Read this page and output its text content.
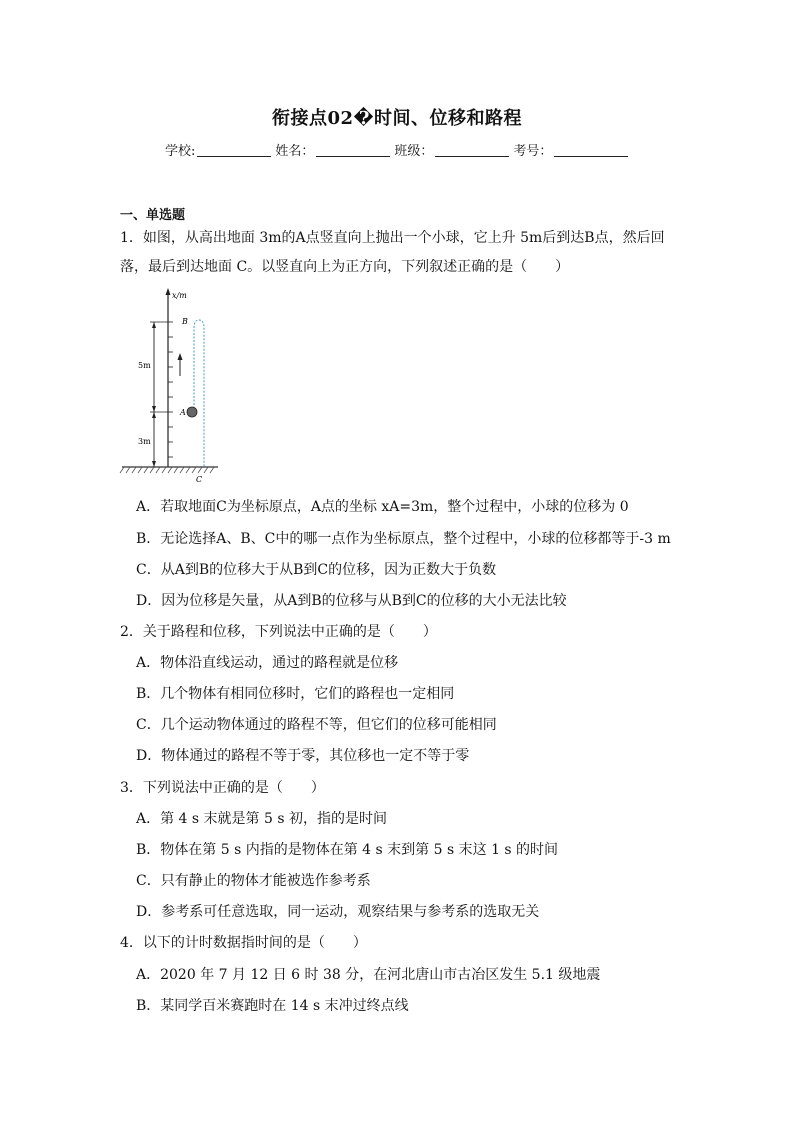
衔接点02�时间、位移和路程
学校:	姓名：	班级：	考号：
一、单选题
1．如图，从高出地面 3m的A点竖直向上抛出一个小球，它上升 5m后到达B点，然后回
落，最后到达地面 C。以竖直向上为正方向，下列叙述正确的是（　　）
x/m
5m
3m
A
B
C
A．若取地面C为坐标原点，A点的坐标 xA=3m，整个过程中，小球的位移为 0
B．无论选择A、B、C中的哪一点作为坐标原点，整个过程中，小球的位移都等于-3 m
C．从A到B的位移大于从B到C的位移，因为正数大于负数
D．因为位移是矢量，从A到B的位移与从B到C的位移的大小无法比较
2．关于路程和位移，下列说法中正确的是（　　）
A．物体沿直线运动，通过的路程就是位移
B．几个物体有相同位移时，它们的路程也一定相同
C．几个运动物体通过的路程不等，但它们的位移可能相同
D．物体通过的路程不等于零，其位移也一定不等于零
3．下列说法中正确的是（　　）
A．第 4 s 末就是第 5 s 初，指的是时间
B．物体在第 5 s 内指的是物体在第 4 s 末到第 5 s 末这 1 s 的时间
C．只有静止的物体才能被选作参考系
D．参考系可任意选取，同一运动，观察结果与参考系的选取无关
4．以下的计时数据指时间的是（　　）
A．2020 年 7 月 12 日 6 时 38 分，在河北唐山市古冶区发生 5.1 级地震
B．某同学百米赛跑时在 14 s 末冲过终点线
